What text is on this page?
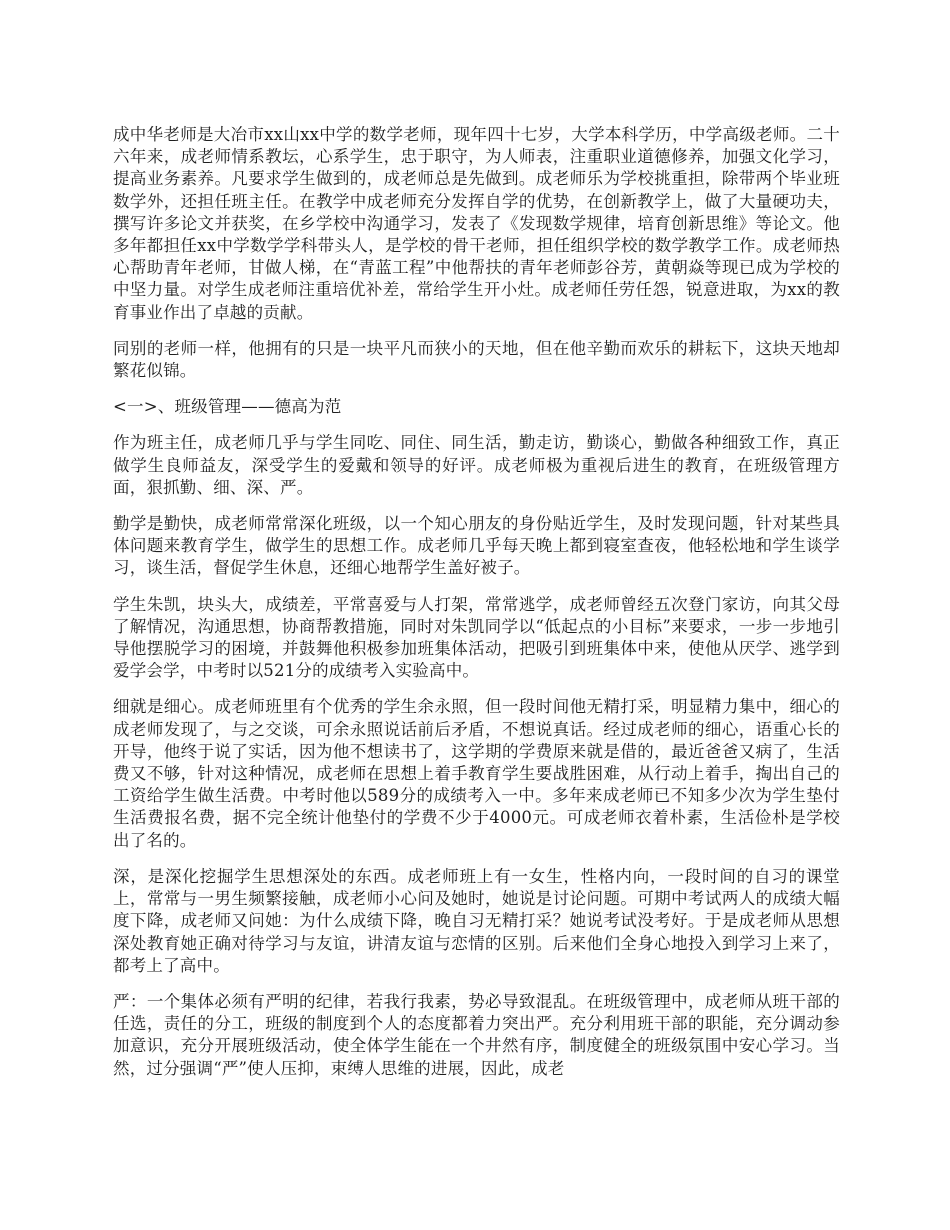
成中华老师是大冶市xx山xx中学的数学老师，现年四十七岁，大学本科学历，中学高级老师。二十六年来，成老师情系教坛，心系学生，忠于职守，为人师表，注重职业道德修养，加强文化学习，提高业务素养。凡要求学生做到的，成老师总是先做到。成老师乐为学校挑重担，除带两个毕业班数学外，还担任班主任。在教学中成老师充分发挥自学的优势，在创新教学上，做了大量硬功夫，撰写许多论文并获奖，在乡学校中沟通学习，发表了《发现数学规律，培育创新思维》等论文。他多年都担任xx中学数学学科带头人，是学校的骨干老师，担任组织学校的数学教学工作。成老师热心帮助青年老师，甘做人梯，在“青蓝工程”中他帮扶的青年老师彭谷芳，黄朝焱等现已成为学校的中坚力量。对学生成老师注重培优补差，常给学生开小灶。成老师任劳任怨，锐意进取，为xx的教育事业作出了卓越的贡献。

同别的老师一样，他拥有的只是一块平凡而狭小的天地，但在他辛勤而欢乐的耕耘下，这块天地却繁花似锦。

<一>、班级管理——德高为范

作为班主任，成老师几乎与学生同吃、同住、同生活，勤走访，勤谈心，勤做各种细致工作，真正做学生良师益友，深受学生的爱戴和领导的好评。成老师极为重视后进生的教育，在班级管理方面，狠抓勤、细、深、严。

勤学是勤快，成老师常常深化班级，以一个知心朋友的身份贴近学生，及时发现问题，针对某些具体问题来教育学生，做学生的思想工作。成老师几乎每天晚上都到寝室查夜，他轻松地和学生谈学习，谈生活，督促学生休息，还细心地帮学生盖好被子。

学生朱凯，块头大，成绩差，平常喜爱与人打架，常常逃学，成老师曾经五次登门家访，向其父母了解情况，沟通思想，协商帮教措施，同时对朱凯同学以“低起点的小目标”来要求，一步一步地引导他摆脱学习的困境，并鼓舞他积极参加班集体活动，把吸引到班集体中来，使他从厌学、逃学到爱学会学，中考时以521分的成绩考入实验高中。

细就是细心。成老师班里有个优秀的学生余永照，但一段时间他无精打采，明显精力集中，细心的成老师发现了，与之交谈，可余永照说话前后矛盾，不想说真话。经过成老师的细心，语重心长的开导，他终于说了实话，因为他不想读书了，这学期的学费原来就是借的，最近爸爸又病了，生活费又不够，针对这种情况，成老师在思想上着手教育学生要战胜困难，从行动上着手，掏出自己的工资给学生做生活费。中考时他以589分的成绩考入一中。多年来成老师已不知多少次为学生垫付生活费报名费，据不完全统计他垫付的学费不少于4000元。可成老师衣着朴素，生活俭朴是学校出了名的。

深，是深化挖掘学生思想深处的东西。成老师班上有一女生，性格内向，一段时间的自习的课堂上，常常与一男生频繁接触，成老师小心问及她时，她说是讨论问题。可期中考试两人的成绩大幅度下降，成老师又问她：为什么成绩下降，晚自习无精打采？她说考试没考好。于是成老师从思想深处教育她正确对待学习与友谊，讲清友谊与恋情的区别。后来他们全身心地投入到学习上来了，都考上了高中。

严：一个集体必须有严明的纪律，若我行我素，势必导致混乱。在班级管理中，成老师从班干部的任选，责任的分工，班级的制度到个人的态度都着力突出严。充分利用班干部的职能，充分调动参加意识，充分开展班级活动，使全体学生能在一个井然有序，制度健全的班级氛围中安心学习。当然，过分强调“严”使人压抑，束缚人思维的进展，因此，成老
